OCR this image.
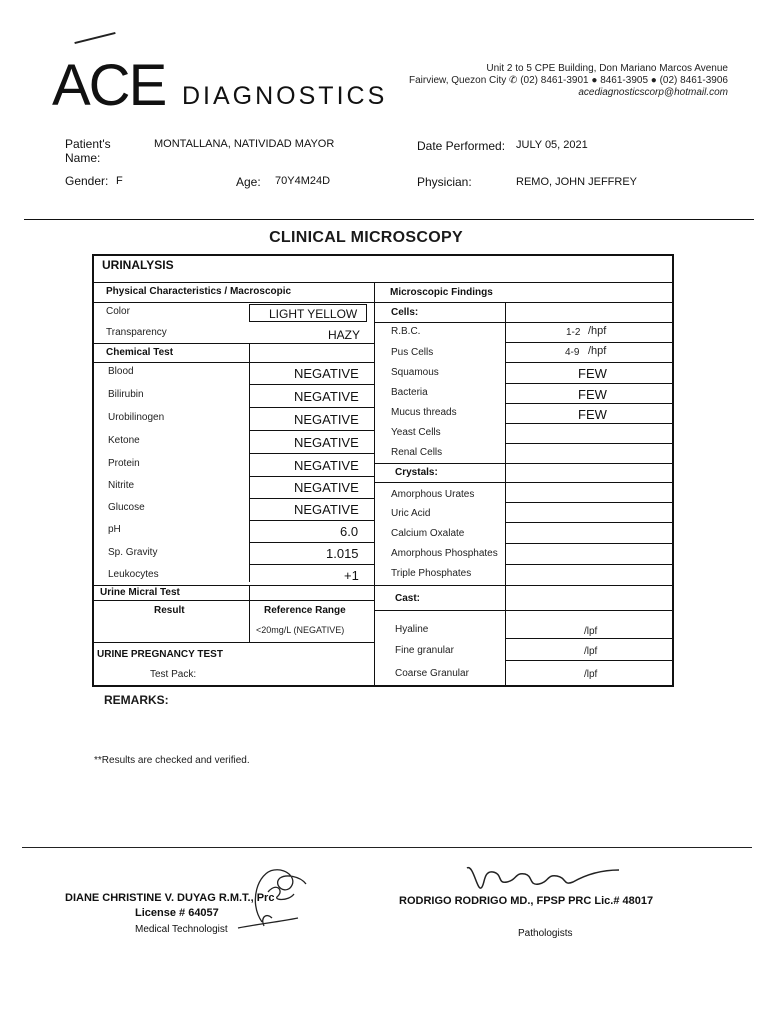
ACE DIAGNOSTICS
Unit 2 to 5 CPE Building, Don Mariano Marcos Avenue
Fairview, Quezon City ✆ (02) 8461-3901 ● 8461-3905 ● (02) 8461-3906
acediagnosticscorp@hotmail.com
Patient's
Name:
MONTALLANA, NATIVIDAD MAYOR
Gender: F	Age: 70Y4M24D
Date Performed: JULY 05, 2021
Physician:	REMO, JOHN JEFFREY
CLINICAL MICROSCOPY
URINALYSIS
Physical Characteristics / Macroscopic	Microscopic Findings
Color	LIGHT YELLOW
Transparency	HAZY
Chemical Test
Blood	NEGATIVE
Bilirubin	NEGATIVE
Urobilinogen	NEGATIVE
Ketone	NEGATIVE
Protein	NEGATIVE
Nitrite	NEGATIVE
Glucose	NEGATIVE
pH	6.0
Sp. Gravity	1.015
Leukocytes	+1
Urine Micral Test
Result	Reference Range
<20mg/L (NEGATIVE)
URINE PREGNANCY TEST
Test Pack:
Cells:
R.B.C.	1-2 /hpf
Pus Cells	4-9 /hpf
Squamous	FEW
Bacteria	FEW
Mucus threads	FEW
Yeast Cells
Renal Cells
Crystals:
Amorphous Urates
Uric Acid
Calcium Oxalate
Amorphous Phosphates
Triple Phosphates
Cast:
Hyaline	/lpf
Fine granular	/lpf
Coarse Granular	/lpf
REMARKS:
**Results are checked and verified.
DIANE CHRISTINE V. DUYAG R.M.T., Prc
License # 64057
Medical Technologist
RODRIGO RODRIGO MD., FPSP PRC Lic.# 48017
Pathologists
